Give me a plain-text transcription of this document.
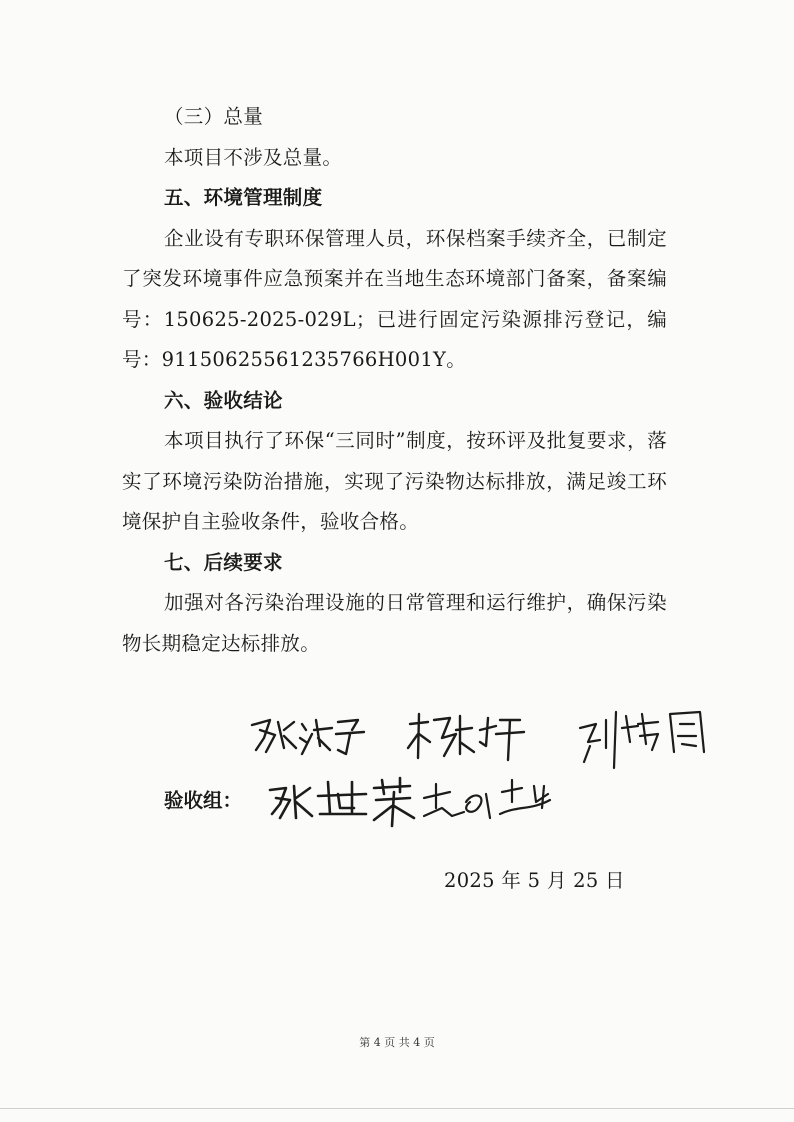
（三）总量

本项目不涉及总量。

五、环境管理制度

企业设有专职环保管理人员，环保档案手续齐全，已制定了突发环境事件应急预案并在当地生态环境部门备案，备案编号：150625-2025-029L；已进行固定污染源排污登记，编号：91150625561235766H001Y。

六、验收结论

本项目执行了环保“三同时”制度，按环评及批复要求，落实了环境污染防治措施，实现了污染物达标排放，满足竣工环境保护自主验收条件，验收合格。

七、后续要求

加强对各污染治理设施的日常管理和运行维护，确保污染物长期稳定达标排放。

验收组：
2025 年 5 月 25 日
第 4 页 共 4 页
